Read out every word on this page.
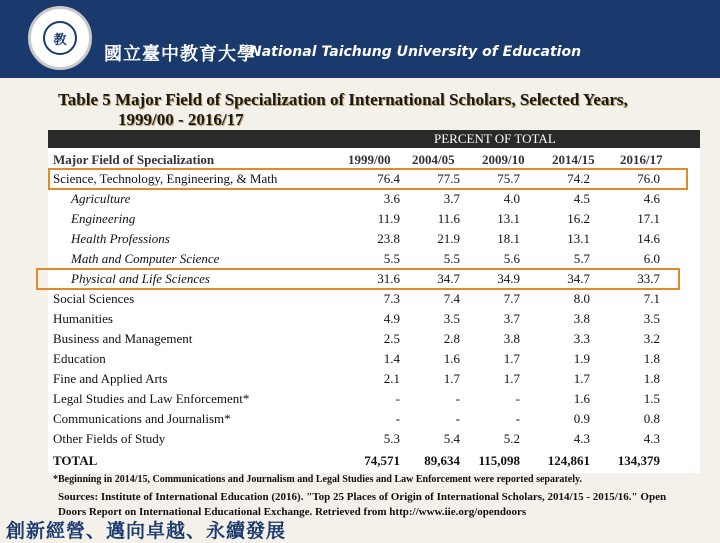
教
國立臺中教育大學
National Taichung University of Education
Table 5 Major Field of Specialization of International Scholars, Selected Years,
1999/00 - 2016/17
PERCENT OF TOTAL
Major Field of Specialization	1999/00 2004/05 2009/10 2014/15 2016/17
Science, Technology, Engineering, & Math	76.4	77.5	75.7	74.2	76.0
Agriculture	3.6	3.7	4.0	4.5	4.6
Engineering	11.9	11.6	13.1	16.2	17.1
Health Professions	23.8	21.9	18.1	13.1	14.6
Math and Computer Science	5.5	5.5	5.6	5.7	6.0
Physical and Life Sciences	31.6	34.7	34.9	34.7	33.7
Social Sciences	7.3	7.4	7.7	8.0	7.1
Humanities	4.9	3.5	3.7	3.8	3.5
Business and Management	2.5	2.8	3.8	3.3	3.2
Education	1.4	1.6	1.7	1.9	1.8
Fine and Applied Arts	2.1	1.7	1.7	1.7	1.8
Legal Studies and Law Enforcement*	-	-	-	1.6	1.5
Communications and Journalism*	-	-	-	0.9	0.8
Other Fields of Study	5.3	5.4	5.2	4.3	4.3
TOTAL	74,571	89,634	115,098	124,861	134,379
*Beginning in 2014/15, Communications and Journalism and Legal Studies and Law Enforcement were reported separately.
Sources: Institute of International Education (2016). "Top 25 Places of Origin of International Scholars, 2014/15 - 2015/16." Open Doors Report on International Educational Exchange. Retrieved from http://www.iie.org/opendoors
創新經營、邁向卓越、永續發展
